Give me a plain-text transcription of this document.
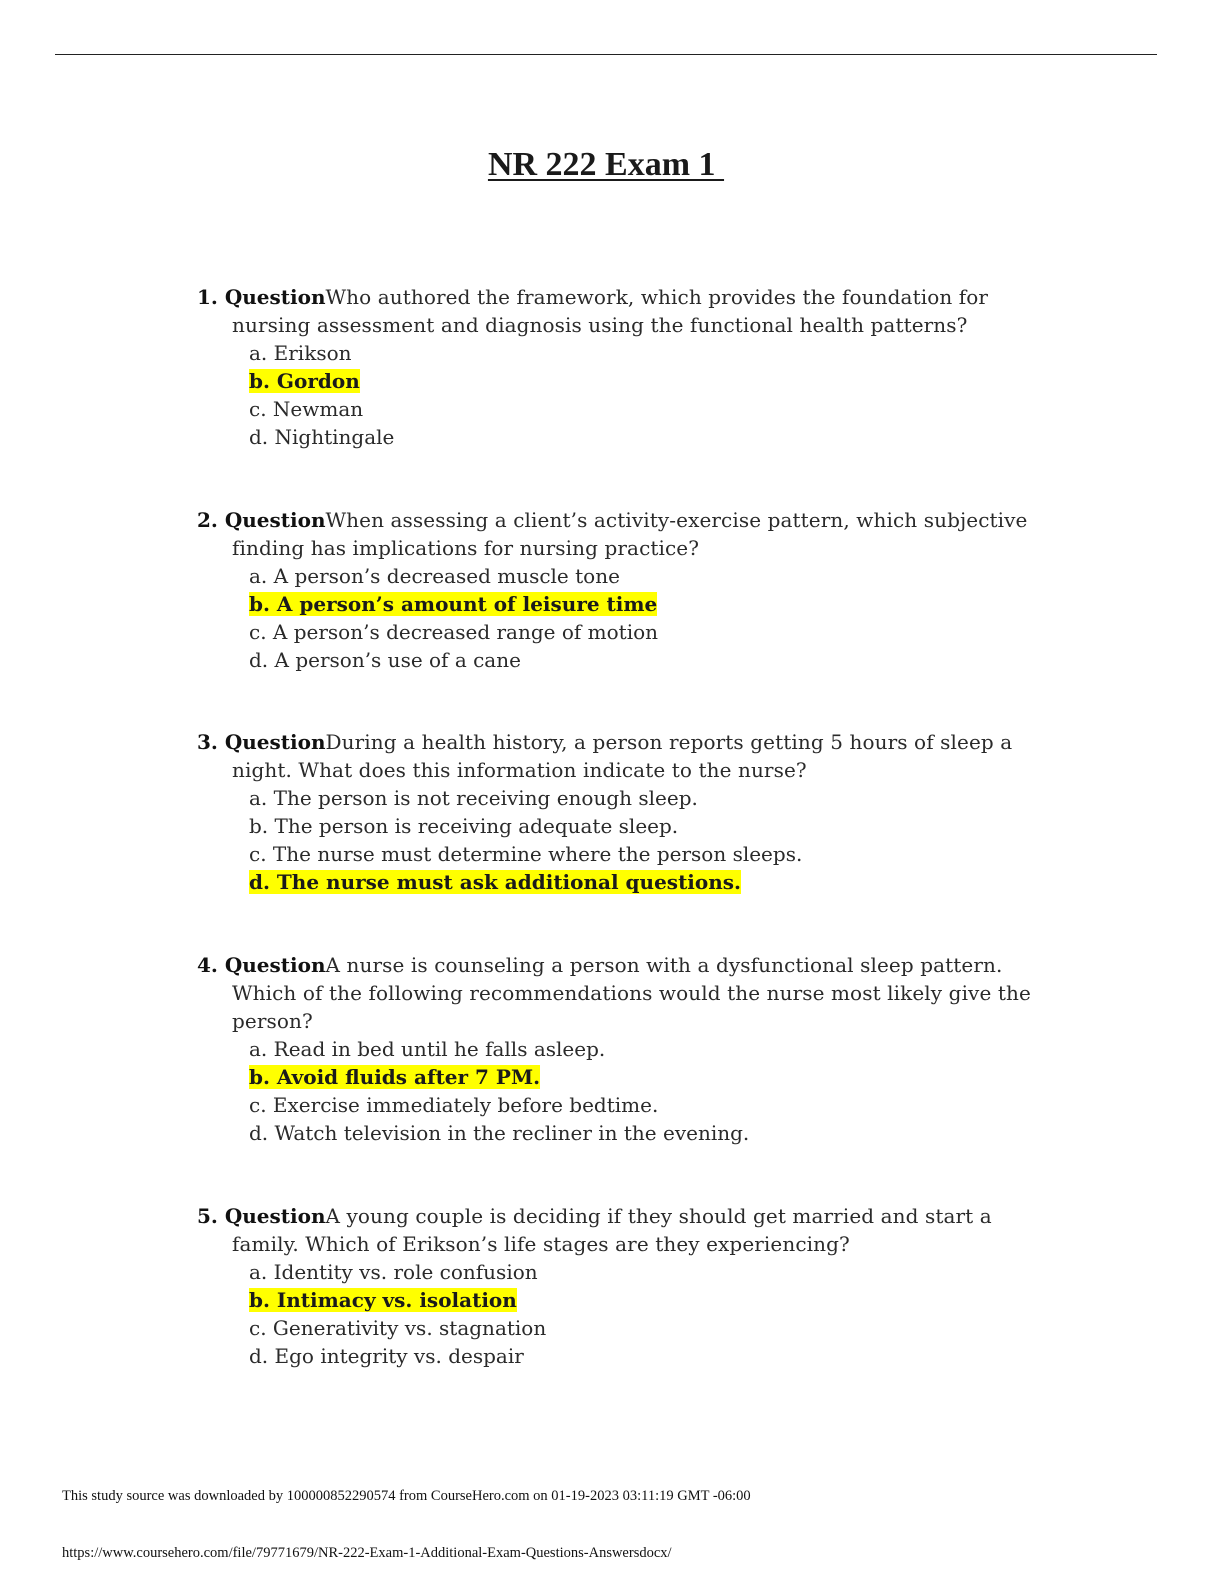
NR 222 Exam 1
1. QuestionWho authored the framework, which provides the foundation for nursing assessment and diagnosis using the functional health patterns?
a. Erikson
b. Gordon
c. Newman
d. Nightingale
2. QuestionWhen assessing a client’s activity-exercise pattern, which subjective finding has implications for nursing practice?
a. A person’s decreased muscle tone
b. A person’s amount of leisure time
c. A person’s decreased range of motion
d. A person’s use of a cane
3. QuestionDuring a health history, a person reports getting 5 hours of sleep a night. What does this information indicate to the nurse?
a. The person is not receiving enough sleep.
b. The person is receiving adequate sleep.
c. The nurse must determine where the person sleeps.
d. The nurse must ask additional questions.
4. QuestionA nurse is counseling a person with a dysfunctional sleep pattern. Which of the following recommendations would the nurse most likely give the person?
a. Read in bed until he falls asleep.
b. Avoid fluids after 7 PM.
c. Exercise immediately before bedtime.
d. Watch television in the recliner in the evening.
5. QuestionA young couple is deciding if they should get married and start a family. Which of Erikson’s life stages are they experiencing?
a. Identity vs. role confusion
b. Intimacy vs. isolation
c. Generativity vs. stagnation
d. Ego integrity vs. despair
This study source was downloaded by 100000852290574 from CourseHero.com on 01-19-2023 03:11:19 GMT -06:00
https://www.coursehero.com/file/79771679/NR-222-Exam-1-Additional-Exam-Questions-Answersdocx/
